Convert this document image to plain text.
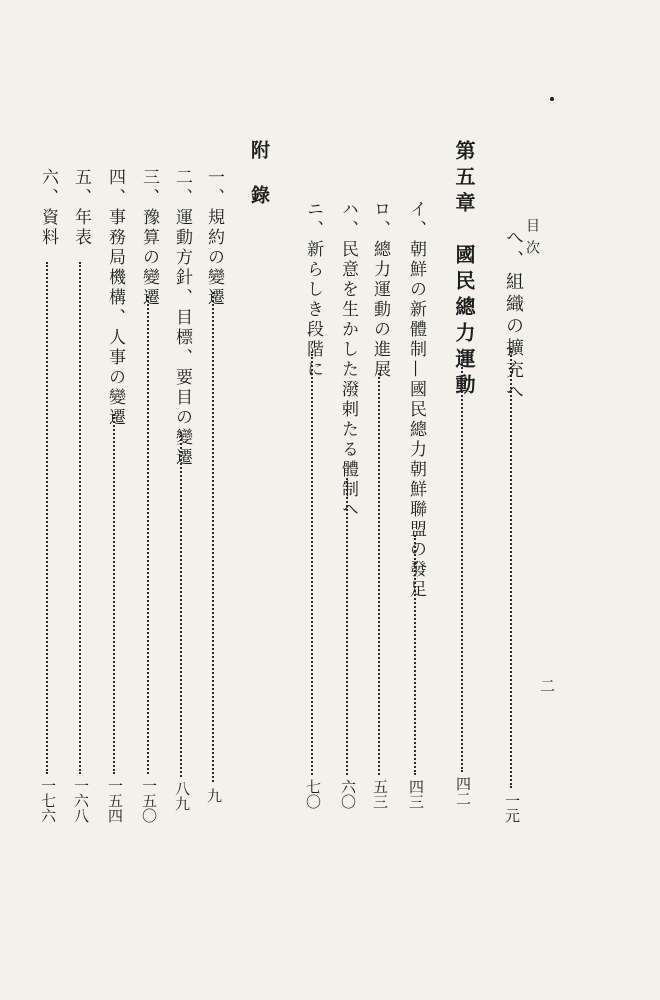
目次
二
へ、組織の擴充へ
一元
第五章　國民總力運動
四二
イ、朝鮮の新體制—國民總力朝鮮聯盟の發足
四三
ロ、總力運動の進展
五三
ハ、民意を生かした潑剌たる體制へ
六〇
ニ、新らしき段階に
七〇
附錄
一、規約の變遷
九
二、運動方針、目標、要目の變遷
八九
三、豫算の變遷
一五〇
四、事務局機構、人事の變遷
一五四
五、年表
一六八
六、資料
一七六
